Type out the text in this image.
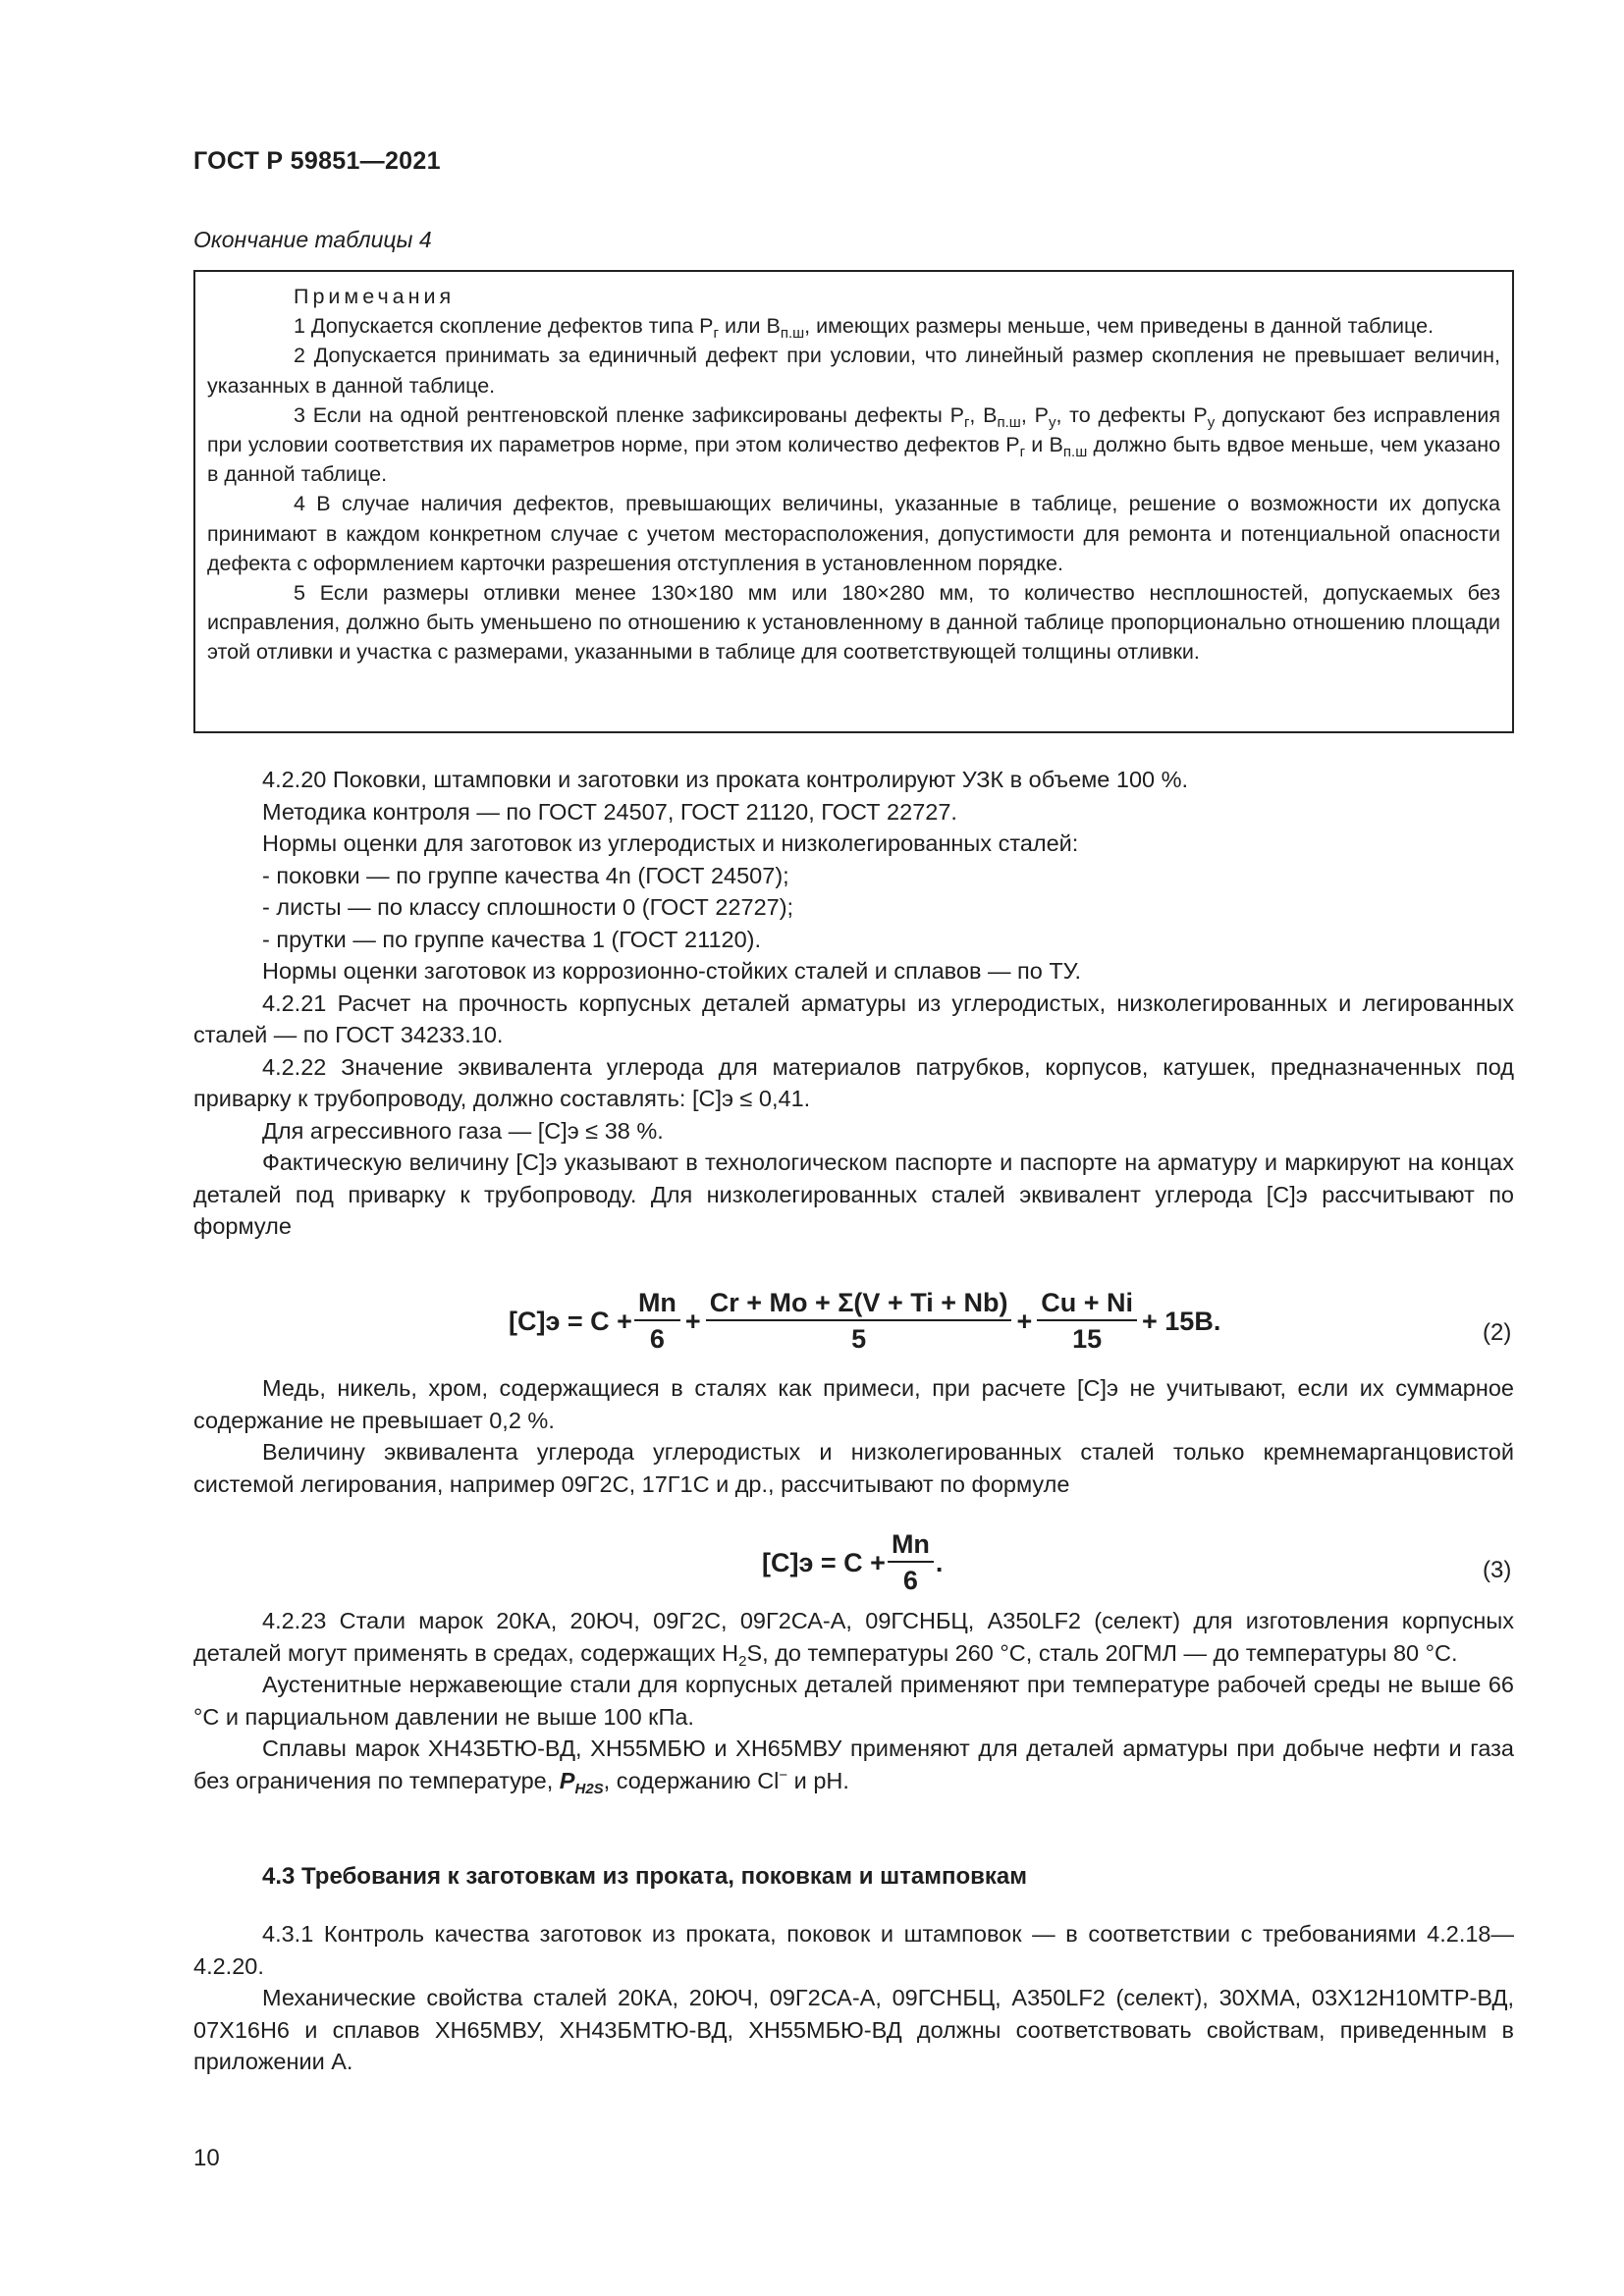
ГОСТ Р 59851—2021
Окончание таблицы 4
Примечания

1 Допускается скопление дефектов типа $P_г$ или $B_{п.ш}$, имеющих размеры меньше, чем приведены в данной таблице.

2 Допускается принимать за единичный дефект при условии, что линейный размер скопления не превышает величин, указанных в данной таблице.

3 Если на одной рентгеновской пленке зафиксированы дефекты $P_г$, $B_{п.ш}$, $P_у$, то дефекты $P_у$ допускают без исправления при условии соответствия их параметров норме, при этом количество дефектов $P_г$ и $B_{п.ш}$ должно быть вдвое меньше, чем указано в данной таблице.

4 В случае наличия дефектов, превышающих величины, указанные в таблице, решение о возможности их допуска принимают в каждом конкретном случае с учетом месторасположения, допустимости для ремонта и потенциальной опасности дефекта с оформлением карточки разрешения отступления в установленном порядке.

5 Если размеры отливки менее 130×180 мм или 180×280 мм, то количество несплошностей, допускаемых без исправления, должно быть уменьшено по отношению к установленному в данной таблице пропорционально отношению площади этой отливки и участка с размерами, указанными в таблице для соответствующей толщины отливки.

4.2.20 Поковки, штамповки и заготовки из проката контролируют УЗК в объеме 100 %.

Методика контроля — по ГОСТ 24507, ГОСТ 21120, ГОСТ 22727.

Нормы оценки для заготовок из углеродистых и низколегированных сталей:

- поковки — по группе качества 4n (ГОСТ 24507);

- листы — по классу сплошности 0 (ГОСТ 22727);

- прутки — по группе качества 1 (ГОСТ 21120).

Нормы оценки заготовок из коррозионно-стойких сталей и сплавов — по ТУ.

4.2.21 Расчет на прочность корпусных деталей арматуры из углеродистых, низколегированных и легированных сталей — по ГОСТ 34233.10.

4.2.22 Значение эквивалента углерода для материалов патрубков, корпусов, катушек, предназначенных под приварку к трубопроводу, должно составлять: [C]э ≤ 0,41.

Для агрессивного газа — [C]э ≤ 38 %.

Фактическую величину [C]э указывают в технологическом паспорте и паспорте на арматуру и маркируют на концах деталей под приварку к трубопроводу. Для низколегированных сталей эквивалент углерода [C]э рассчитывают по формуле

$[C]э = C + \frac{Mn}{6} + \frac{Cr + Mo + \Sigma(V + Ti + Nb)}{5} + \frac{Cu + Ni}{15} + 15B$.	(2)

Медь, никель, хром, содержащиеся в сталях как примеси, при расчете [C]э не учитывают, если их суммарное содержание не превышает 0,2 %.

Величину эквивалента углерода углеродистых и низколегированных сталей только кремнемарганцовистой системой легирования, например 09Г2С, 17Г1С и др., рассчитывают по формуле

$[C]э = C + \frac{Mn}{6}$ .	(3)

4.2.23 Стали марок 20КА, 20ЮЧ, 09Г2С, 09Г2СА-А, 09ГСНБЦ, А350LF2 (селект) для изготовления корпусных деталей могут применять в средах, содержащих $H_2S$, до температуры 260 °С, сталь 20ГМЛ — до температуры 80 °С.

Аустенитные нержавеющие стали для корпусных деталей применяют при температуре рабочей среды не выше 66 °С и парциальном давлении не выше 100 кПа.

Сплавы марок ХН43БТЮ-ВД, ХН55МБЮ и ХН65МВУ применяют для деталей арматуры при добыче нефти и газа без ограничения по температуре, $P_{H2S}$, содержанию Cl− и pH.

4.3 Требования к заготовкам из проката, поковкам и штамповкам

4.3.1 Контроль качества заготовок из проката, поковок и штамповок — в соответствии с требованиями 4.2.18—4.2.20.

Механические свойства сталей 20КА, 20ЮЧ, 09Г2СА-А, 09ГСНБЦ, А350LF2 (селект), 30ХМА, 03Х12Н10МТР-ВД, 07Х16Н6 и сплавов ХН65МВУ, ХН43БМТЮ-ВД, ХН55МБЮ-ВД должны соответствовать свойствам, приведенным в приложении А.

10
